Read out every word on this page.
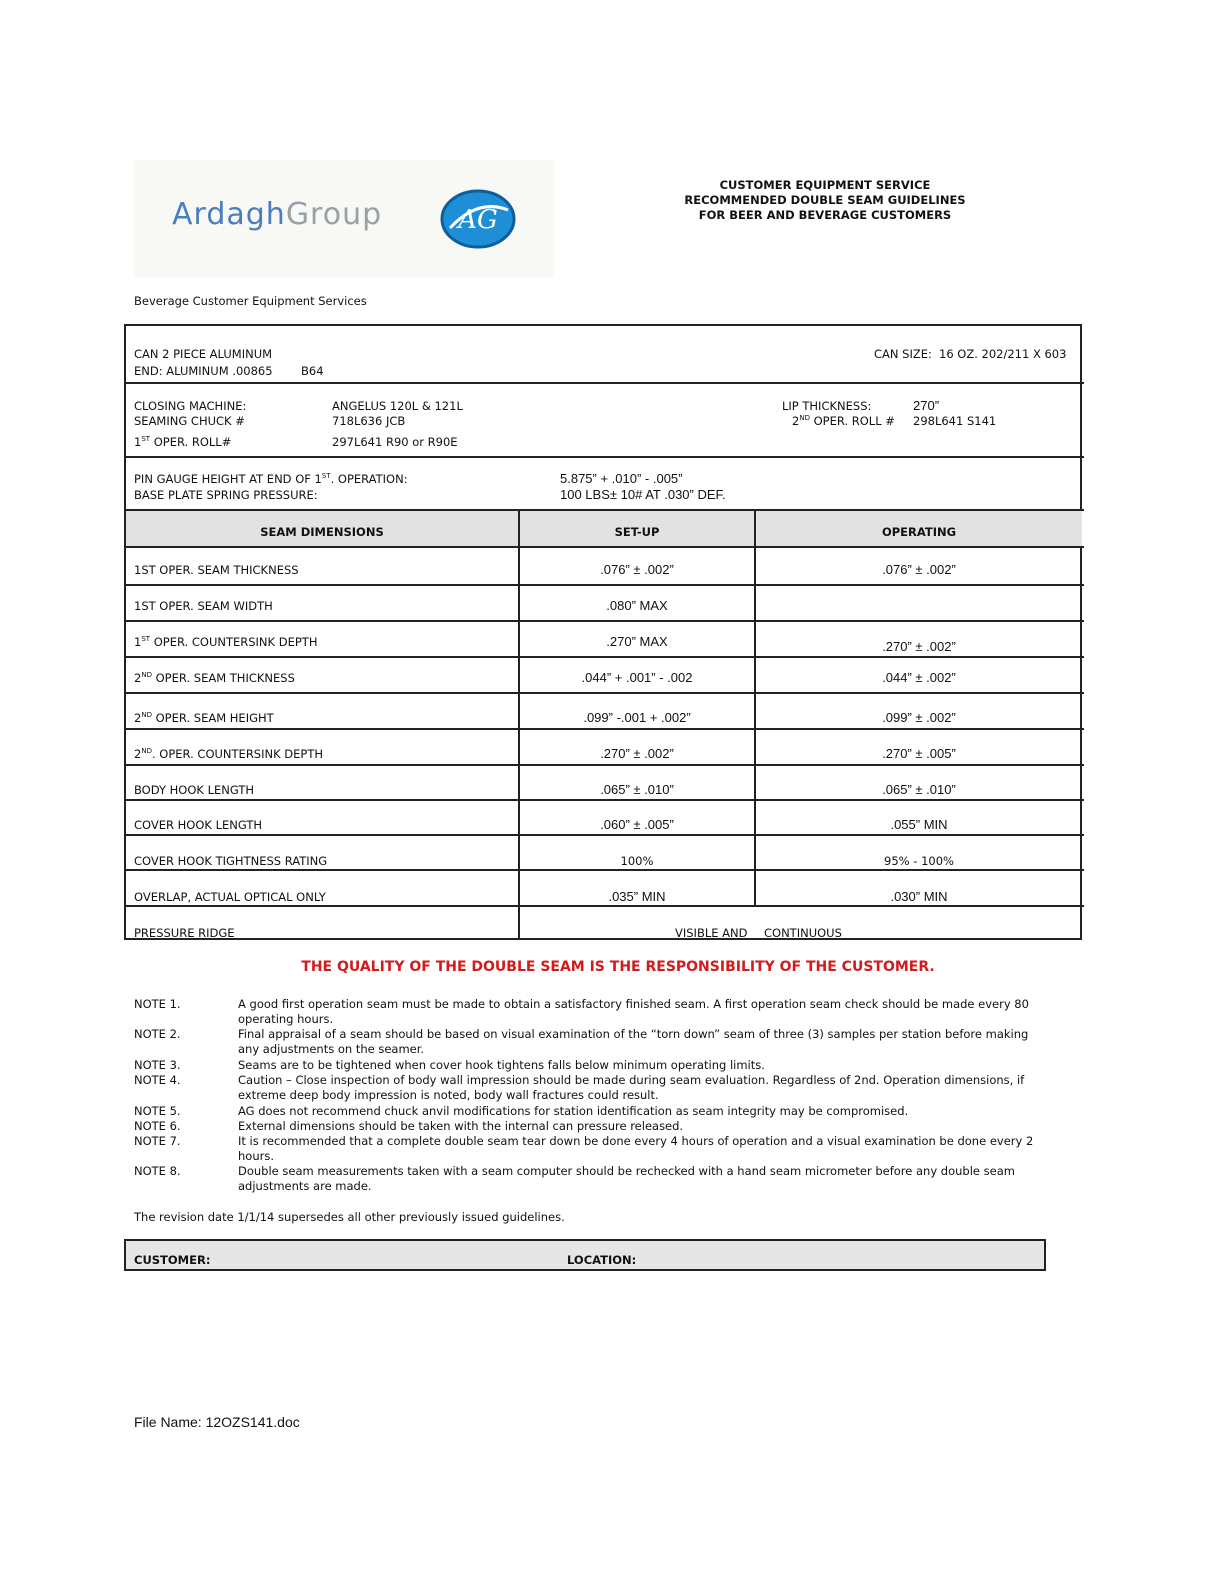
ArdaghGroup	AG
CUSTOMER EQUIPMENT SERVICE
RECOMMENDED DOUBLE SEAM GUIDELINES
FOR BEER AND BEVERAGE CUSTOMERS
Beverage Customer Equipment Services
CAN 2 PIECE ALUMINUM
END: ALUMINUM .00865 B64
CAN SIZE: 16 OZ. 202/211 X 603
CLOSING MACHINE:	ANGELUS 120L & 121L
SEAMING CHUCK #	718L636 JCB
1ST OPER. ROLL#	297L641 R90 or R90E
LIP THICKNESS:	270”
2ND OPER. ROLL # 298L641 S141
PIN GAUGE HEIGHT AT END OF 1ST. OPERATION:	5.875” + .010” - .005”
BASE PLATE SPRING PRESSURE:	100 LBS± 10# AT .030” DEF.
SEAM DIMENSIONS	SET-UP	OPERATING
1ST OPER. SEAM THICKNESS	.076” ± .002”	.076” ± .002”
1ST OPER. SEAM WIDTH	.080” MAX
1ST OPER. COUNTERSINK DEPTH	.270” MAX	.270” ± .002”
2ND OPER. SEAM THICKNESS	.044” + .001” - .002	.044” ± .002”
2ND OPER. SEAM HEIGHT	.099” -.001 + .002”	.099” ± .002”
2ND. OPER. COUNTERSINK DEPTH	.270” ± .002”	.270” ± .005”
BODY HOOK LENGTH	.065” ± .010”	.065” ± .010”
COVER HOOK LENGTH	.060” ± .005”	.055” MIN
COVER HOOK TIGHTNESS RATING	100%	95% - 100%
OVERLAP, ACTUAL OPTICAL ONLY	.035” MIN	.030” MIN
PRESSURE RIDGE	VISIBLE AND CONTINUOUS
THE QUALITY OF THE DOUBLE SEAM IS THE RESPONSIBILITY OF THE CUSTOMER.
NOTE 1.	A good first operation seam must be made to obtain a satisfactory finished seam. A first operation seam check should be made every 80 operating hours.
NOTE 2.	Final appraisal of a seam should be based on visual examination of the “torn down” seam of three (3) samples per station before making any adjustments on the seamer.
NOTE 3.	Seams are to be tightened when cover hook tightens falls below minimum operating limits.
NOTE 4.	Caution – Close inspection of body wall impression should be made during seam evaluation. Regardless of 2nd. Operation dimensions, if extreme deep body impression is noted, body wall fractures could result.
NOTE 5.	AG does not recommend chuck anvil modifications for station identification as seam integrity may be compromised.
NOTE 6.	External dimensions should be taken with the internal can pressure released.
NOTE 7.	It is recommended that a complete double seam tear down be done every 4 hours of operation and a visual examination be done every 2 hours.
NOTE 8.	Double seam measurements taken with a seam computer should be rechecked with a hand seam micrometer before any double seam adjustments are made.
The revision date 1/1/14 supersedes all other previously issued guidelines.
CUSTOMER:	LOCATION:
File Name: 12OZS141.doc
